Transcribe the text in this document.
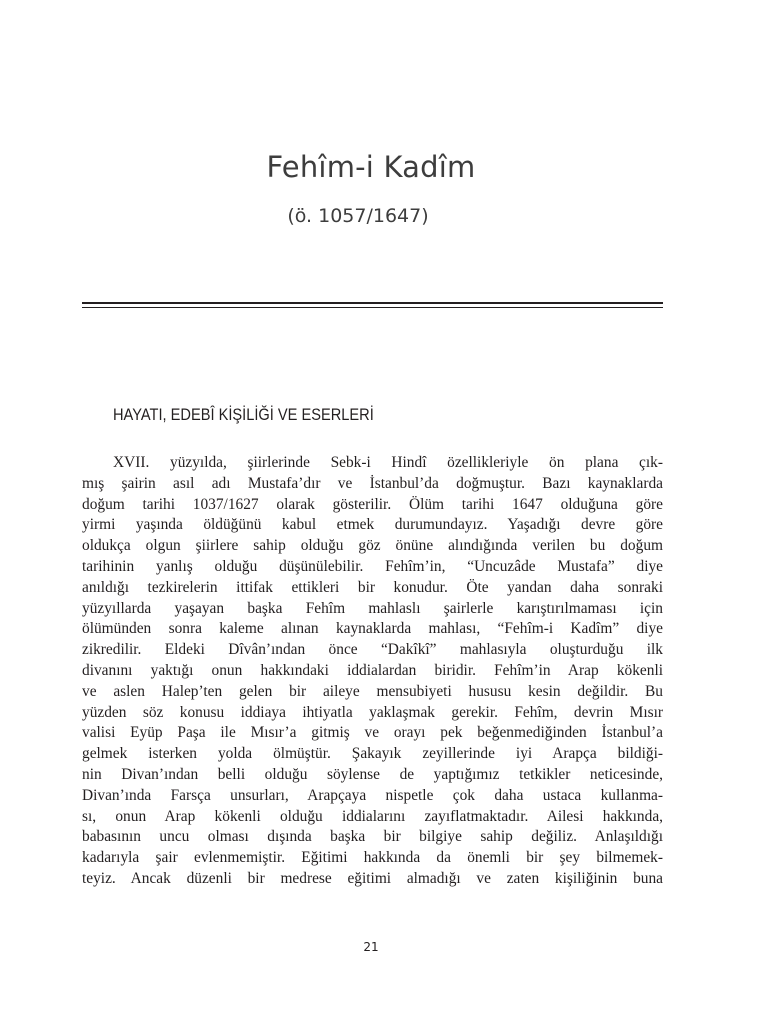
Fehîm-i Kadîm
(ö. 1057/1647)
HAYATI, EDEBÎ KİŞİLİĞİ VE ESERLERİ
XVII. yüzyılda, şiirlerinde Sebk-i Hindî özellikleriyle ön plana çık-
mış şairin asıl adı Mustafa’dır ve İstanbul’da doğmuştur. Bazı kaynaklarda
doğum tarihi 1037/1627 olarak gösterilir. Ölüm tarihi 1647 olduğuna göre
yirmi yaşında öldüğünü kabul etmek durumundayız. Yaşadığı devre göre
oldukça olgun şiirlere sahip olduğu göz önüne alındığında verilen bu doğum
tarihinin yanlış olduğu düşünülebilir. Fehîm’in, “Uncuzâde Mustafa” diye
anıldığı tezkirelerin ittifak ettikleri bir konudur. Öte yandan daha sonraki
yüzyıllarda yaşayan başka Fehîm mahlaslı şairlerle karıştırılmaması için
ölümünden sonra kaleme alınan kaynaklarda mahlası, “Fehîm-i Kadîm” diye
zikredilir. Eldeki Dîvân’ından önce “Dakîkî” mahlasıyla oluşturduğu ilk
divanını yaktığı onun hakkındaki iddialardan biridir. Fehîm’in Arap kökenli
ve aslen Halep’ten gelen bir aileye mensubiyeti hususu kesin değildir. Bu
yüzden söz konusu iddiaya ihtiyatla yaklaşmak gerekir. Fehîm, devrin Mısır
valisi Eyüp Paşa ile Mısır’a gitmiş ve orayı pek beğenmediğinden İstanbul’a
gelmek isterken yolda ölmüştür. Şakayık zeyillerinde iyi Arapça bildiği-
nin Divan’ından belli olduğu söylense de yaptığımız tetkikler neticesinde,
Divan’ında Farsça unsurları, Arapçaya nispetle çok daha ustaca kullanma-
sı, onun Arap kökenli olduğu iddialarını zayıflatmaktadır. Ailesi hakkında,
babasının uncu olması dışında başka bir bilgiye sahip değiliz. Anlaşıldığı
kadarıyla şair evlenmemiştir. Eğitimi hakkında da önemli bir şey bilmemek-
teyiz. Ancak düzenli bir medrese eğitimi almadığı ve zaten kişiliğinin buna
21
